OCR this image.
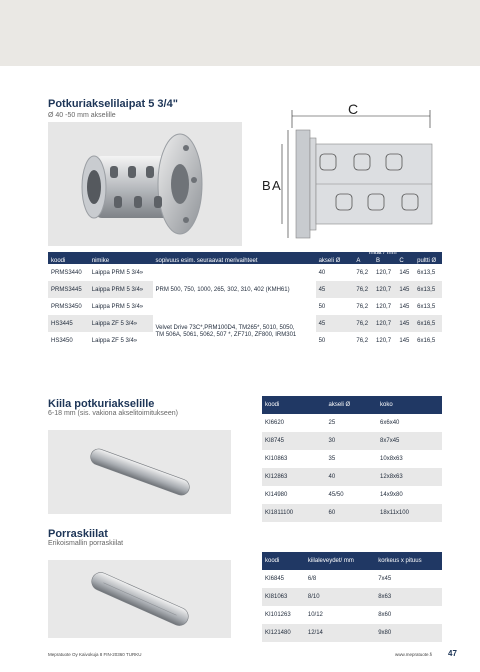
Potkuriakselilaipat 5 3/4"
Ø 40 -50 mm akselille	C
B A
koodi	nimike	sopivuus esim. seuraavat merivaihteet	mitat / mm
akseli Ø	A	B	C	pultti Ø
PRMS3440	Laippa PRM 5 3/4»	PRM 500, 750, 1000, 265, 302, 310, 402 (KMH61)	40	76,2	120,7	145	6x13,5
PRMS3445	Laippa PRM 5 3/4»		45	76,2	120,7	145	6x13,5
PRMS3450	Laippa PRM 5 3/4»		50	76,2	120,7	145	6x13,5
HS3445	Laippa ZF 5 3/4»	Velvet Drive 73C*,PRM100D4, TM265*, 5010, 5050,
TM 506A, 5061, 5062, 507 *, ZF710, ZF800, IRM301	45	76,2	120,7	145	6x16,5
HS3450	Laippa ZF 5 3/4»		50	76,2	120,7	145	6x16,5
Kiila potkuriakselille
6-18 mm (sis. vakiona akselitoimitukseen)
koodi	akseli Ø	koko
KI6620	25	6x6x40
KI8745	30	8x7x45
KI10863	35	10x8x63
KI12863	40	12x8x63
KI14980	45/50	14x9x80
KI1811100	60	18x11x100
Porraskiilat
Erikoismallin porraskiilat
koodi	kiilaleveydet/ mm	korkeus x pituus
KI6845	6/8	7x45
KI81063	8/10	8x63
KI101263	10/12	8x60
KI121480	12/14	9x80
Mepratuote Oy Kaivokuja 8 FIN-20360 TURKU	www.mepratuote.fi 47
